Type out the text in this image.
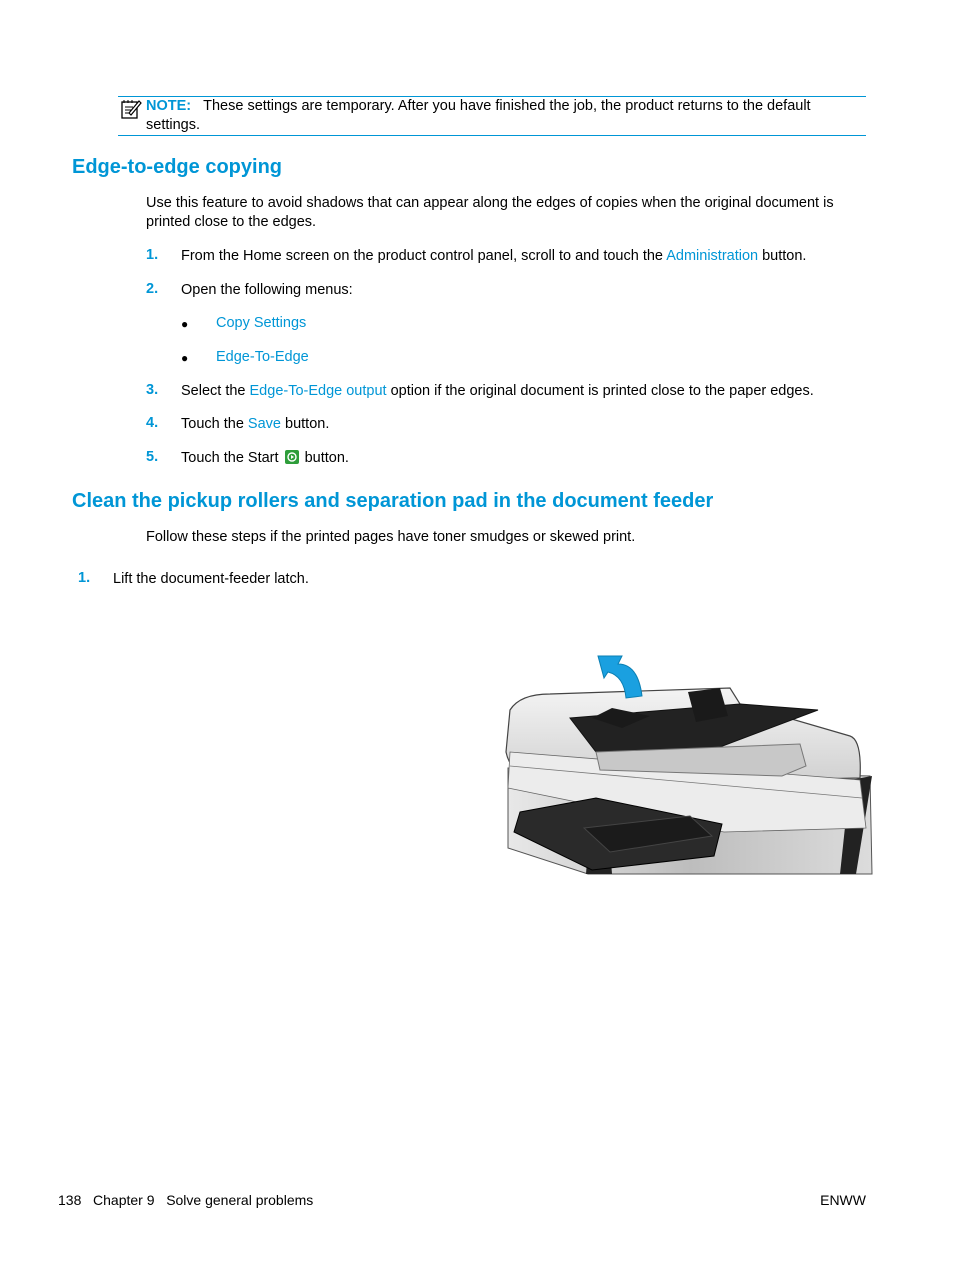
NOTE: These settings are temporary. After you have finished the job, the product returns to the default settings.
Edge-to-edge copying
Use this feature to avoid shadows that can appear along the edges of copies when the original document is printed close to the edges.
1. From the Home screen on the product control panel, scroll to and touch the Administration button.
2. Open the following menus:
● Copy Settings
● Edge-To-Edge
3. Select the Edge-To-Edge output option if the original document is printed close to the paper edges.
4. Touch the Save button.
5. Touch the Start  button.
Clean the pickup rollers and separation pad in the document feeder
Follow these steps if the printed pages have toner smudges or skewed print.
1. Lift the document-feeder latch.
138 Chapter 9 Solve general problems	ENWW
